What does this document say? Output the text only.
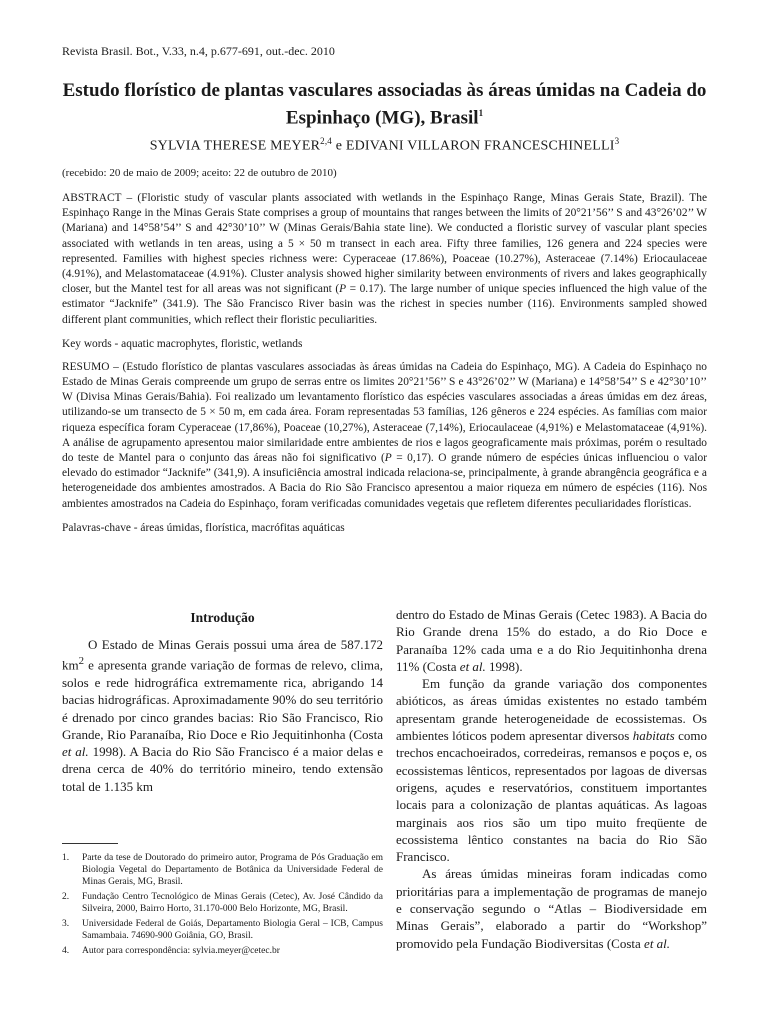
Revista Brasil. Bot., V.33, n.4, p.677-691, out.-dec. 2010

Estudo florístico de plantas vasculares associadas às áreas úmidas na Cadeia do Espinhaço (MG), Brasil$^1$

SYLVIA THERESE MEYER$^{2,4}$ e EDIVANI VILLARON FRANCESCHINELLI$^3$

(recebido: 20 de maio de 2009; aceito: 22 de outubro de 2010)

ABSTRACT – (Floristic study of vascular plants associated with wetlands in the Espinhaço Range, Minas Gerais State, Brazil). The Espinhaço Range in the Minas Gerais State comprises a group of mountains that ranges between the limits of 20°21’56’’ S and 43°26’02’’ W (Mariana) and 14°58’54’’ S and 42°30’10’’ W (Minas Gerais/Bahia state line). We conducted a floristic survey of vascular plant species associated with wetlands in ten areas, using a 5 × 50 m transect in each area. Fifty three families, 126 genera and 224 species were represented. Families with highest species richness were: Cyperaceae (17.86%), Poaceae (10.27%), Asteraceae (7.14%) Eriocaulaceae (4.91%), and Melastomataceae (4.91%). Cluster analysis showed higher similarity between environments of rivers and lakes geographically closer, but the Mantel test for all areas was not significant (P = 0.17). The large number of unique species influenced the high value of the estimator “Jacknife” (341.9). The São Francisco River basin was the richest in species number (116). Environments sampled showed different plant communities, which reflect their floristic peculiarities.

Key words - aquatic macrophytes, floristic, wetlands

RESUMO – (Estudo florístico de plantas vasculares associadas às áreas úmidas na Cadeia do Espinhaço, MG). A Cadeia do Espinhaço no Estado de Minas Gerais compreende um grupo de serras entre os limites 20°21’56’’ S e 43°26’02’’ W (Mariana) e 14°58’54’’ S e 42°30’10’’ W (Divisa Minas Gerais/Bahia). Foi realizado um levantamento florístico das espécies vasculares associadas a áreas úmidas em dez áreas, utilizando-se um transecto de 5 × 50 m, em cada área. Foram representadas 53 famílias, 126 gêneros e 224 espécies. As famílias com maior riqueza específica foram Cyperaceae (17,86%), Poaceae (10,27%), Asteraceae (7,14%), Eriocaulaceae (4,91%) e Melastomataceae (4,91%). A análise de agrupamento apresentou maior similaridade entre ambientes de rios e lagos geograficamente mais próximas, porém o resultado do teste de Mantel para o conjunto das áreas não foi significativo (P = 0,17). O grande número de espécies únicas influenciou o valor elevado do estimador “Jacknife” (341,9). A insuficiência amostral indicada relaciona-se, principalmente, à grande abrangência geográfica e a heterogeneidade dos ambientes amostrados. A Bacia do Rio São Francisco apresentou a maior riqueza em número de espécies (116). Nos ambientes amostrados na Cadeia do Espinhaço, foram verificadas comunidades vegetais que refletem diferentes peculiaridades florísticas.

Palavras-chave - áreas úmidas, florística, macrófitas aquáticas

Introdução

O Estado de Minas Gerais possui uma área de 587.172 $km^2$ e apresenta grande variação de formas de relevo, clima, solos e rede hidrográfica extremamente rica, abrigando 14 bacias hidrográficas. Aproximadamente 90% do seu território é drenado por cinco grandes bacias: Rio São Francisco, Rio Grande, Rio Paranaíba, Rio Doce e Rio Jequitinhonha (Costa et al. 1998). A Bacia do Rio São Francisco é a maior delas e drena cerca de 40% do território mineiro, tendo extensão total de 1.135 km

1.	Parte da tese de Doutorado do primeiro autor, Programa de Pós Graduação em Biologia Vegetal do Departamento de Botânica da Universidade Federal de Minas Gerais, MG, Brasil.
2.	Fundação Centro Tecnológico de Minas Gerais (Cetec), Av. José Cândido da Silveira, 2000, Bairro Horto, 31.170-000 Belo Horizonte, MG, Brasil.
3.	Universidade Federal de Goiás, Departamento Biologia Geral – ICB, Campus Samambaia. 74690-900 Goiânia, GO, Brasil.
4.	Autor para correspondência: sylvia.meyer@cetec.br

dentro do Estado de Minas Gerais (Cetec 1983). A Bacia do Rio Grande drena 15% do estado, a do Rio Doce e Paranaíba 12% cada uma e a do Rio Jequitinhonha drena 11% (Costa et al. 1998).

Em função da grande variação dos componentes abióticos, as áreas úmidas existentes no estado também apresentam grande heterogeneidade de ecossistemas. Os ambientes lóticos podem apresentar diversos habitats como trechos encachoeirados, corredeiras, remansos e poços e, os ecossistemas lênticos, representados por lagoas de diversas origens, açudes e reservatórios, constituem importantes locais para a colonização de plantas aquáticas. As lagoas marginais aos rios são um tipo muito freqüente de ecossistema lêntico constantes na bacia do Rio São Francisco.

As áreas úmidas mineiras foram indicadas como prioritárias para a implementação de programas de manejo e conservação segundo o “Atlas – Biodiversidade em Minas Gerais”, elaborado a partir do “Workshop” promovido pela Fundação Biodiversitas (Costa et al.
